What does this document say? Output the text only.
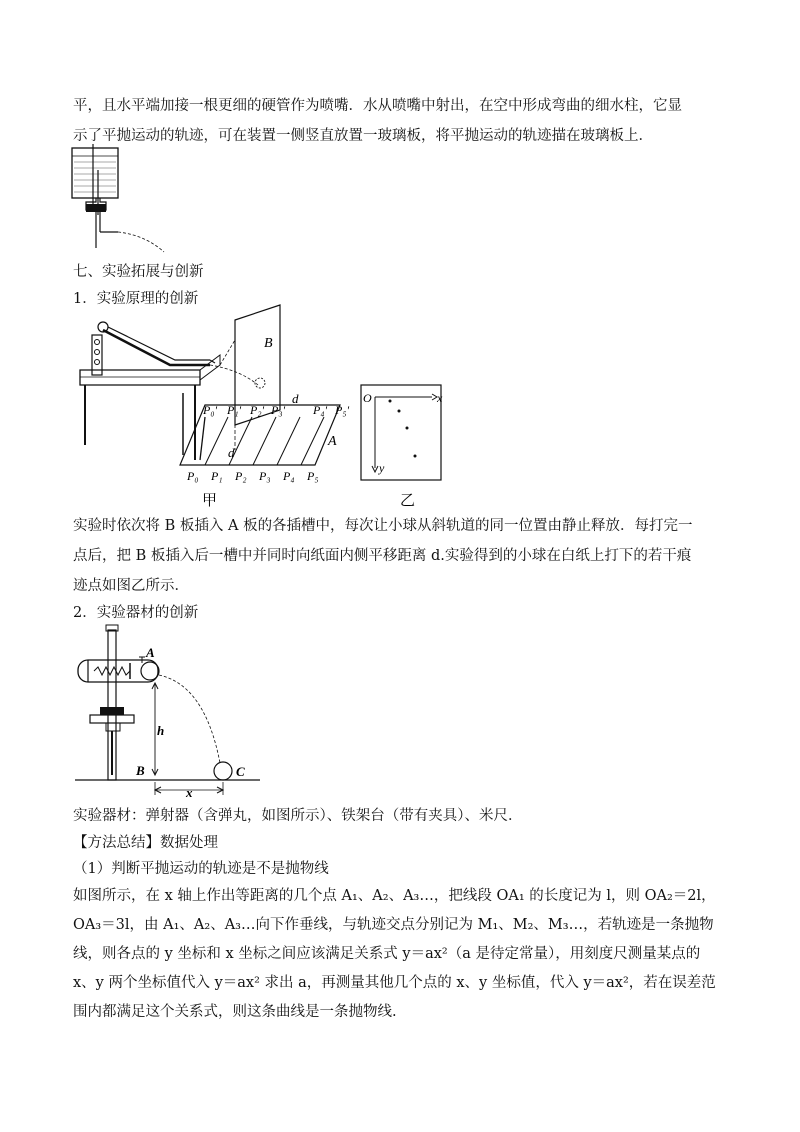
平，且水平端加接一根更细的硬管作为喷嘴．水从喷嘴中射出，在空中形成弯曲的细水柱，它显
示了平抛运动的轨迹，可在装置一侧竖直放置一玻璃板，将平抛运动的轨迹描在玻璃板上．
七、实验拓展与创新
1．实验原理的创新
B
A
d
d
P₀' P₁' P₂' P₃' P₄' P₅'
P₀ P₁ P₂ P₃ P₄ P₅
甲
O	x
y
乙
实验时依次将 B 板插入 A 板的各插槽中，每次让小球从斜轨道的同一位置由静止释放．每打完一
点后，把 B 板插入后一槽中并同时向纸面内侧平移距离 d.实验得到的小球在白纸上打下的若干痕
迹点如图乙所示．
2．实验器材的创新
A
h
B	C
x
实验器材：弹射器（含弹丸，如图所示）、铁架台（带有夹具）、米尺．
【方法总结】数据处理
（1）判断平抛运动的轨迹是不是抛物线
如图所示，在 x 轴上作出等距离的几个点 A₁、A₂、A₃…，把线段 OA₁ 的长度记为 l，则 OA₂＝2l，
OA₃＝3l，由 A₁、A₂、A₃…向下作垂线，与轨迹交点分别记为 M₁、M₂、M₃…，若轨迹是一条抛物
线，则各点的 y 坐标和 x 坐标之间应该满足关系式 y＝ax²（a 是待定常量），用刻度尺测量某点的
x、y 两个坐标值代入 y＝ax² 求出 a，再测量其他几个点的 x、y 坐标值，代入 y＝ax²，若在误差范
围内都满足这个关系式，则这条曲线是一条抛物线.
